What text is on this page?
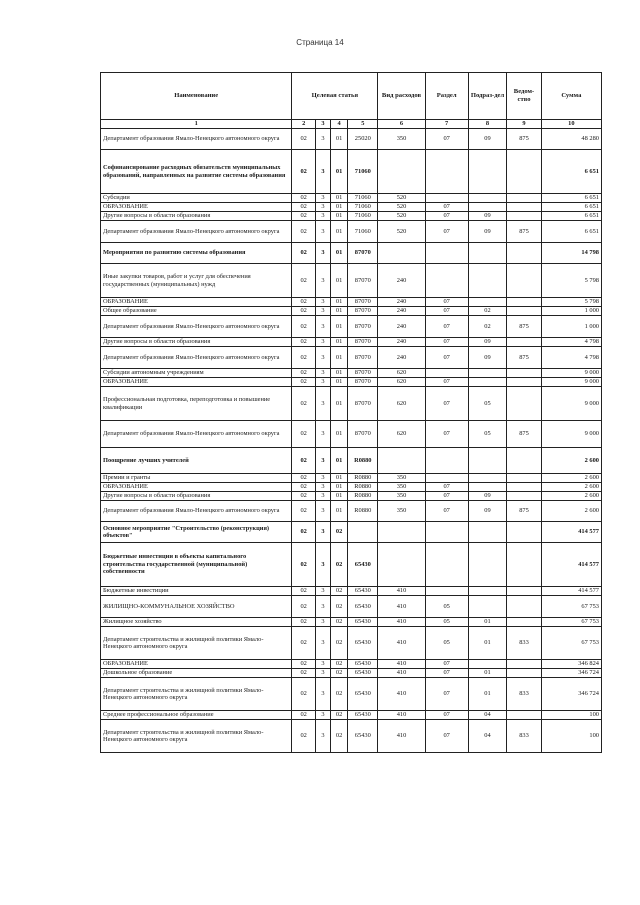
Страница 14
Наименование	Целевая статья				Вид расходов	Раздел	Подраз-дел	Ведом-ство	Сумма
1	2	3	4	5	6	7	8	9	10
Департамент образования Ямало-Ненецкого автономного округа	02	3	01	25020	350	07	09	875	48 280
Софинансирование расходных обязательств муниципальных образований, направленных на развитие системы образования	02	3	01	71060					6 651
Субсидии	02	3	01	71060	520				6 651
ОБРАЗОВАНИЕ	02	3	01	71060	520	07			6 651
Другие вопросы в области образования	02	3	01	71060	520	07	09		6 651
Департамент образования Ямало-Ненецкого автономного округа	02	3	01	71060	520	07	09	875	6 651
Мероприятия по развитию системы образования	02	3	01	87070					14 798
Иные закупки товаров, работ и услуг для обеспечения государственных (муниципальных) нужд	02	3	01	87070	240				5 798
ОБРАЗОВАНИЕ	02	3	01	87070	240	07			5 798
Общее образование	02	3	01	87070	240	07	02		1 000
Департамент образования Ямало-Ненецкого автономного округа	02	3	01	87070	240	07	02	875	1 000
Другие вопросы в области образования	02	3	01	87070	240	07	09		4 798
Департамент образования Ямало-Ненецкого автономного округа	02	3	01	87070	240	07	09	875	4 798
Субсидии автономным учреждениям	02	3	01	87070	620				9 000
ОБРАЗОВАНИЕ	02	3	01	87070	620	07			9 000
Профессиональная подготовка, переподготовка и повышение квалификации	02	3	01	87070	620	07	05		9 000
Департамент образования Ямало-Ненецкого автономного округа	02	3	01	87070	620	07	05	875	9 000
Поощрение лучших учителей	02	3	01	R0880					2 600
Премии и гранты	02	3	01	R0880	350				2 600
ОБРАЗОВАНИЕ	02	3	01	R0880	350	07			2 600
Другие вопросы в области образования	02	3	01	R0880	350	07	09		2 600
Департамент образования Ямало-Ненецкого автономного округа	02	3	01	R0880	350	07	09	875	2 600
Основное мероприятие "Строительство (реконструкция) объектов"	02	3	02						414 577
Бюджетные инвестиции в объекты капитального строительства государственной (муниципальной) собственности	02	3	02	65430					414 577
Бюджетные инвестиции	02	3	02	65430	410				414 577
ЖИЛИЩНО-КОММУНАЛЬНОЕ ХОЗЯЙСТВО	02	3	02	65430	410	05			67 753
Жилищное хозяйство	02	3	02	65430	410	05	01		67 753
Департамент строительства и жилищной политики Ямало-Ненецкого автономного округа	02	3	02	65430	410	05	01	833	67 753
ОБРАЗОВАНИЕ	02	3	02	65430	410	07			346 824
Дошкольное образование	02	3	02	65430	410	07	01		346 724
Департамент строительства и жилищной политики Ямало-Ненецкого автономного округа	02	3	02	65430	410	07	01	833	346 724
Среднее профессиональное образование	02	3	02	65430	410	07	04		100
Департамент строительства и жилищной политики Ямало-Ненецкого автономного округа	02	3	02	65430	410	07	04	833	100
